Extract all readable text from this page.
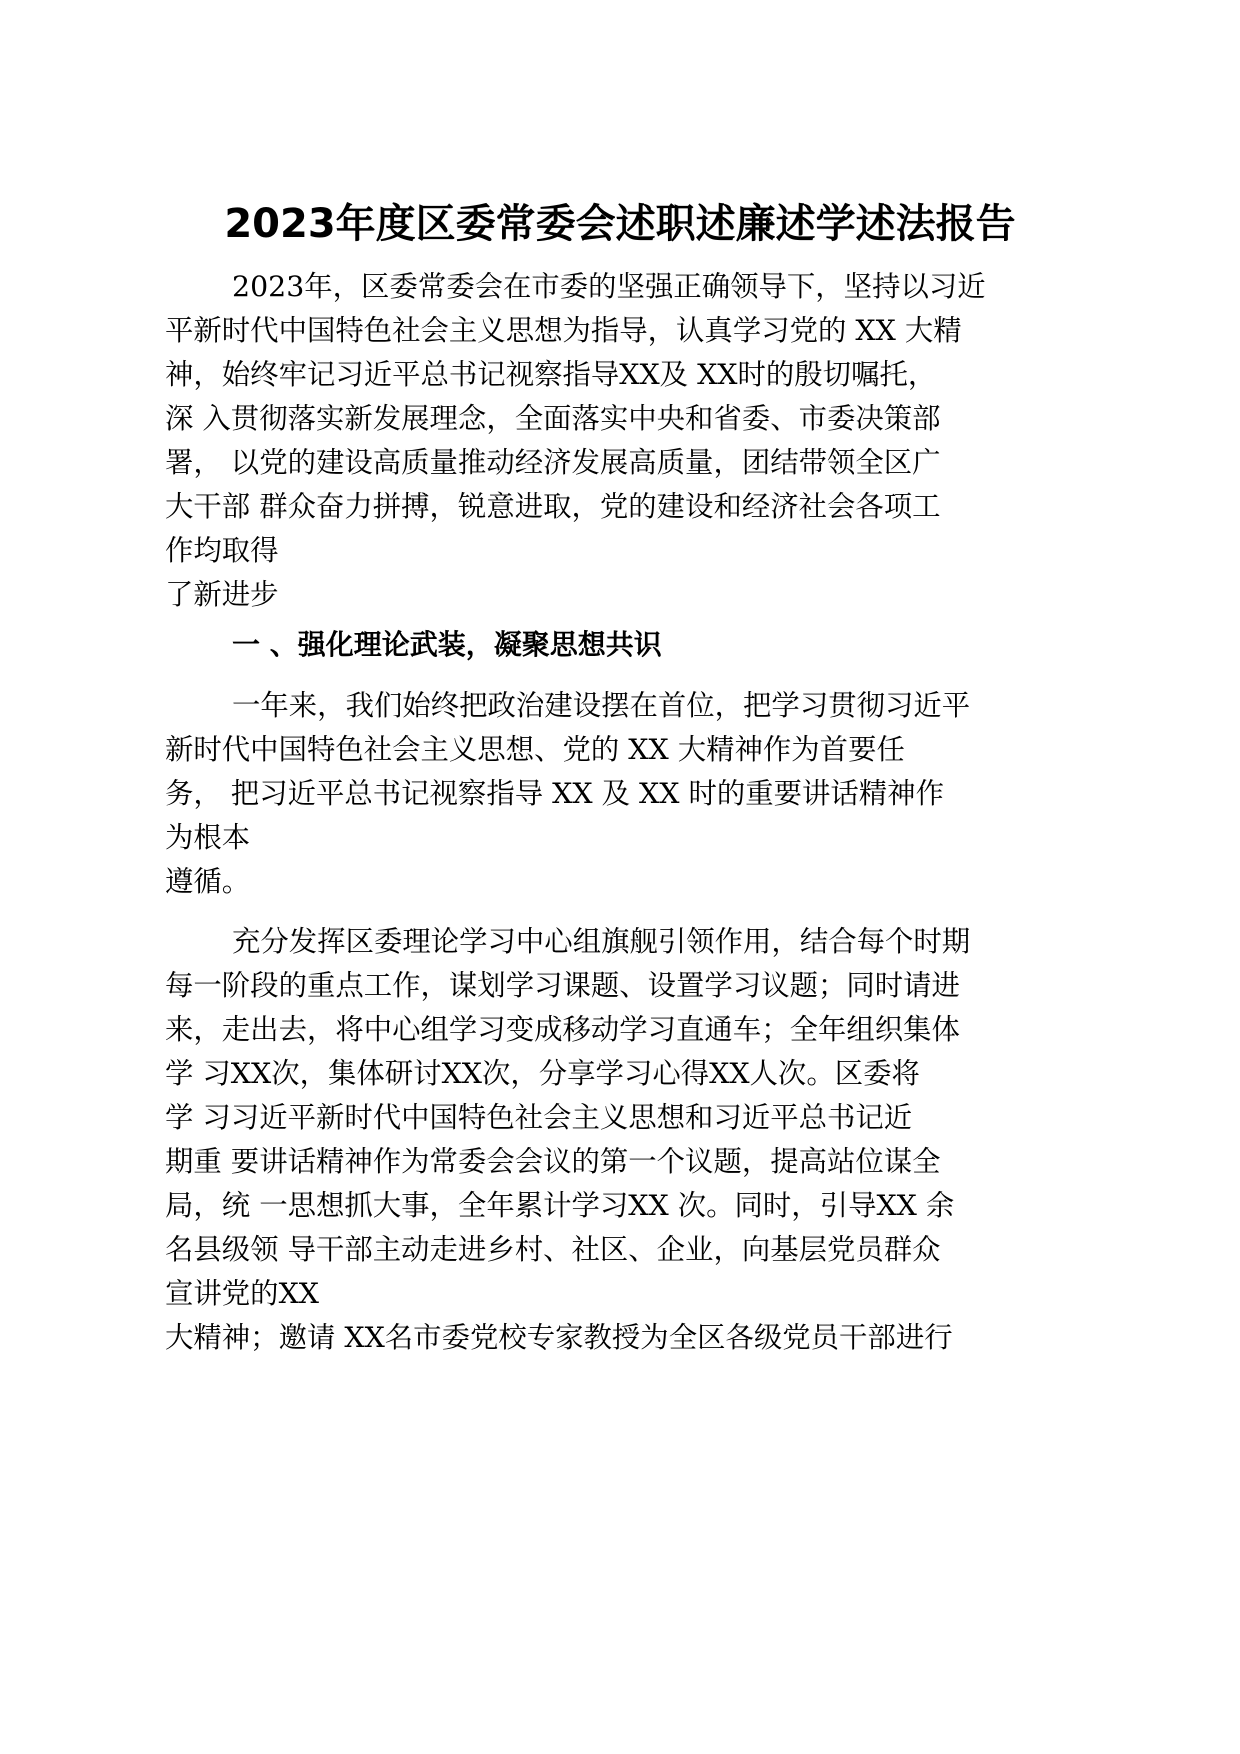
2023年度区委常委会述职述廉述学述法报告
2023年，区委常委会在市委的坚强正确领导下，坚持以习近
平新时代中国特色社会主义思想为指导，认真学习党的 XX 大精
神，始终牢记习近平总书记视察指导XX及 XX时的殷切嘱托，
深 入贯彻落实新发展理念，全面落实中央和省委、市委决策部
署， 以党的建设高质量推动经济发展高质量，团结带领全区广
大干部 群众奋力拼搏，锐意进取，党的建设和经济社会各项工
作均取得
了新进步
一 、强化理论武装，凝聚思想共识
一年来，我们始终把政治建设摆在首位，把学习贯彻习近平
新时代中国特色社会主义思想、党的 XX 大精神作为首要任
务， 把习近平总书记视察指导 XX 及 XX 时的重要讲话精神作
为根本
遵循。
充分发挥区委理论学习中心组旗舰引领作用，结合每个时期
每一阶段的重点工作，谋划学习课题、设置学习议题；同时请进
来，走出去，将中心组学习变成移动学习直通车；全年组织集体
学 习XX次，集体研讨XX次，分享学习心得XX人次。区委将
学 习习近平新时代中国特色社会主义思想和习近平总书记近
期重 要讲话精神作为常委会会议的第一个议题，提高站位谋全
局，统 一思想抓大事，全年累计学习XX 次。同时，引导XX 余
名县级领 导干部主动走进乡村、社区、企业，向基层党员群众
宣讲党的XX
大精神；邀请 XX名市委党校专家教授为全区各级党员干部进行
